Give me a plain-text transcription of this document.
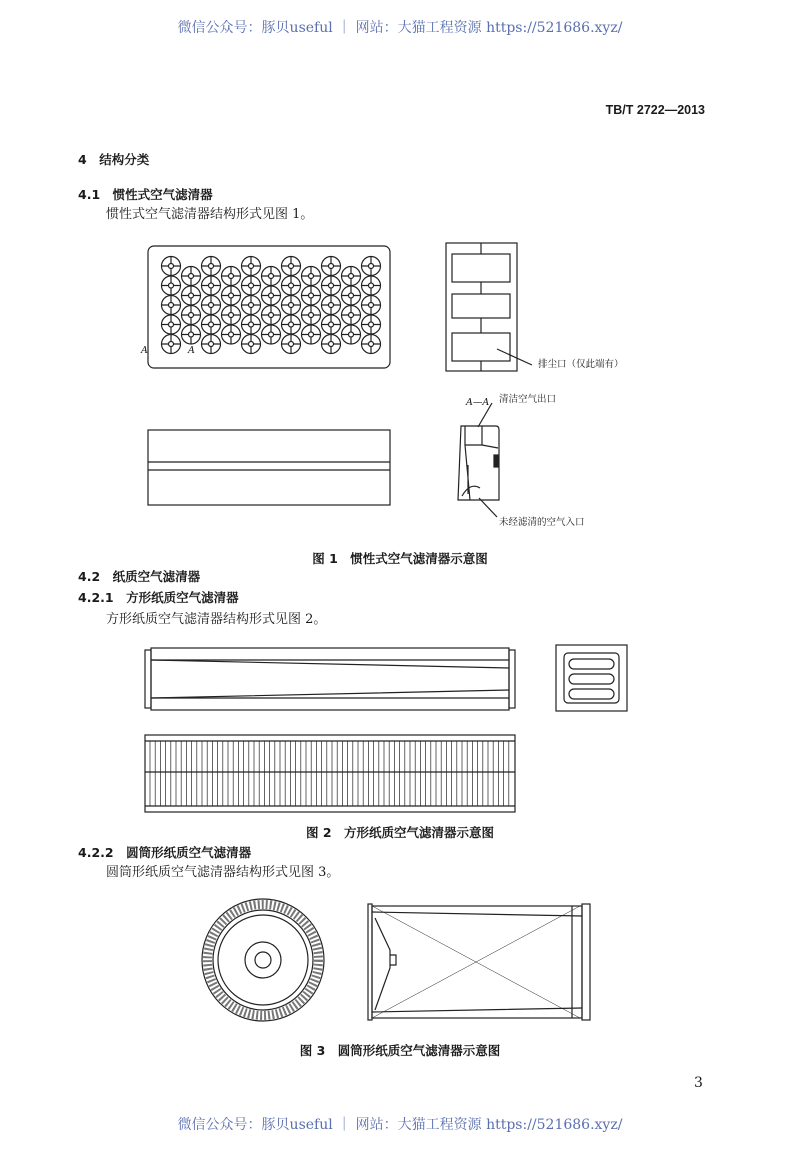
微信公众号：豚贝useful ｜ 网站：大猫工程资源 https://521686.xyz/
TB/T 2722—2013
4　结构分类
4.1　惯性式空气滤清器
惯性式空气滤清器结构形式见图 1。
排尘口（仅此端有）
A—A 清洁空气出口
未经滤清的空气入口
A	A
图 1　惯性式空气滤清器示意图
4.2　纸质空气滤清器
4.2.1　方形纸质空气滤清器
方形纸质空气滤清器结构形式见图 2。
图 2　方形纸质空气滤清器示意图
4.2.2　圆筒形纸质空气滤清器
圆筒形纸质空气滤清器结构形式见图 3。
图 3　圆筒形纸质空气滤清器示意图
3
微信公众号：豚贝useful ｜ 网站：大猫工程资源 https://521686.xyz/
